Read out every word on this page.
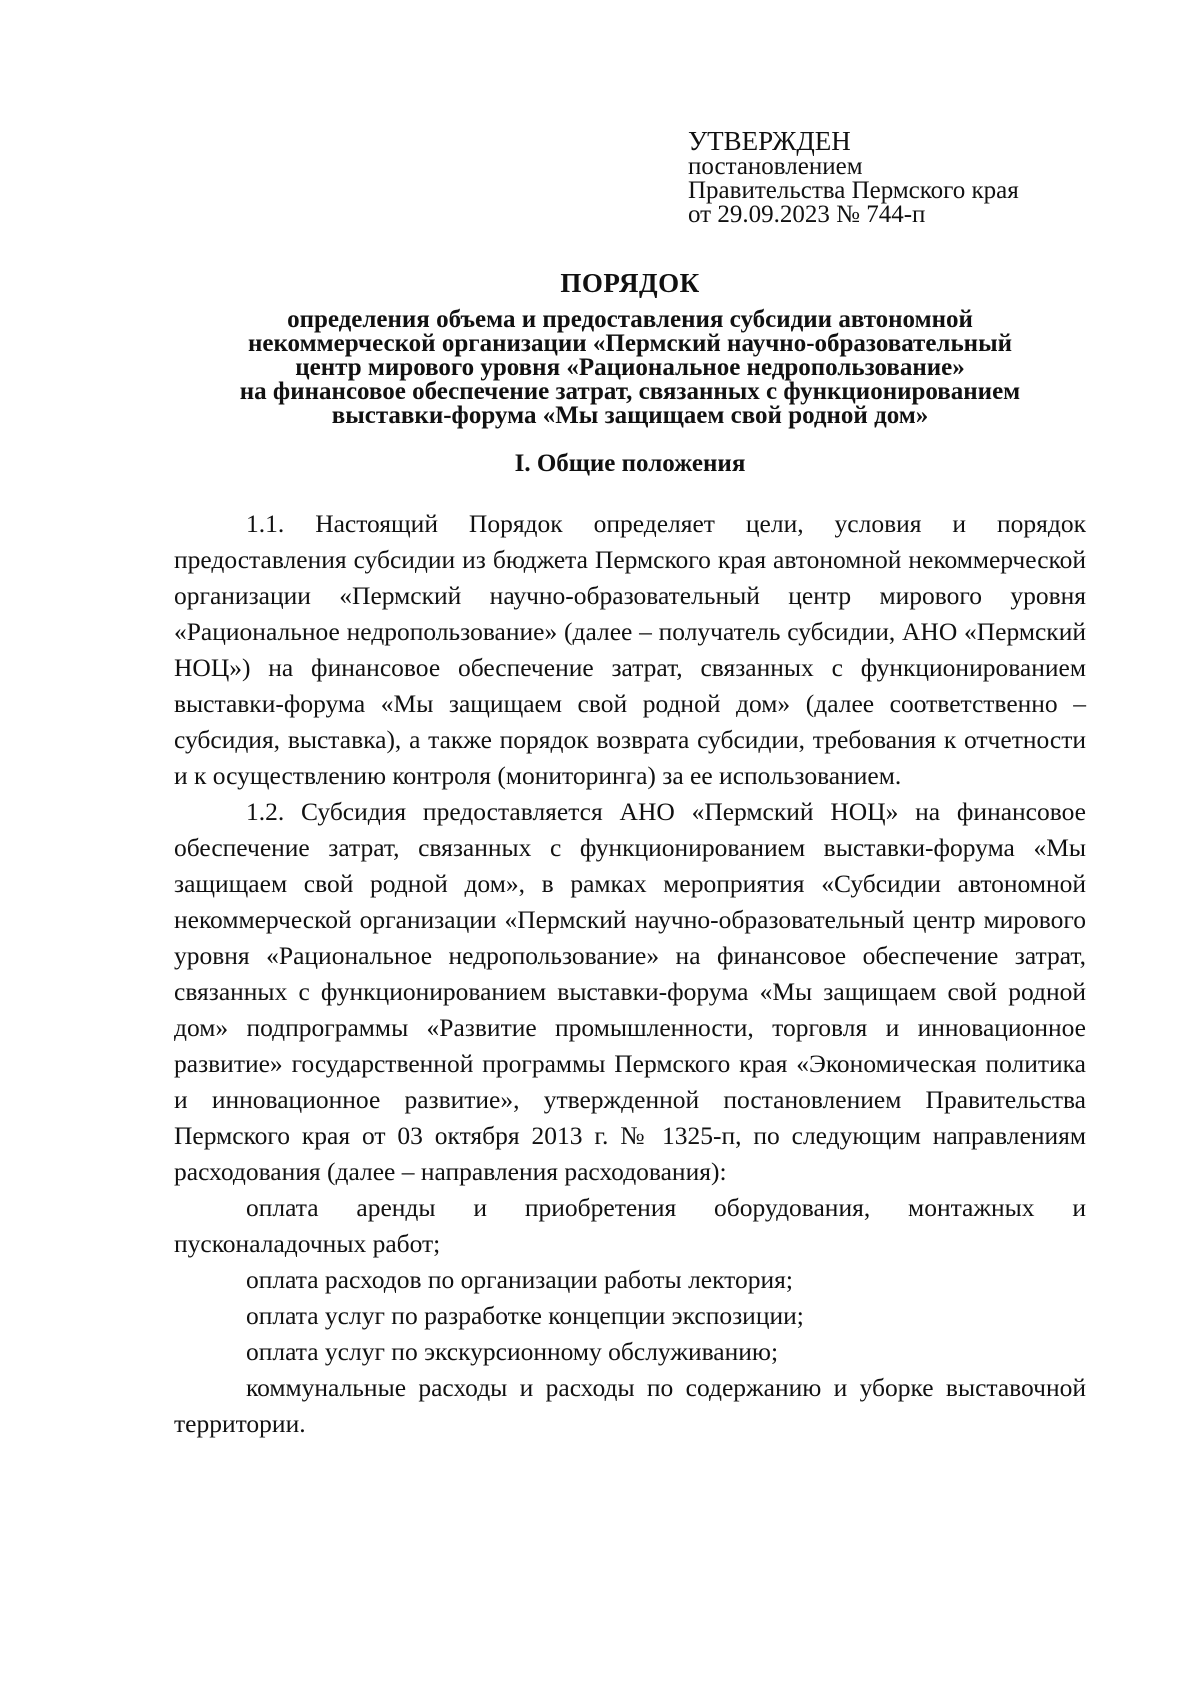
УТВЕРЖДЕН
постановлением
Правительства Пермского края
от 29.09.2023 № 744-п
ПОРЯДОК
определения объема и предоставления субсидии автономной
некоммерческой организации «Пермский научно-образовательный
центр мирового уровня «Рациональное недропользование»
на финансовое обеспечение затрат, связанных с функционированием
выставки-форума «Мы защищаем свой родной дом»
I. Общие положения

1.1. Настоящий Порядок определяет цели, условия и порядок предоставления субсидии из бюджета Пермского края автономной некоммерческой организации «Пермский научно-образовательный центр мирового уровня «Рациональное недропользование» (далее – получатель субсидии, АНО «Пермский НОЦ») на финансовое обеспечение затрат, связанных с функционированием выставки-форума «Мы защищаем свой родной дом» (далее соответственно – субсидия, выставка), а также порядок возврата субсидии, требования к отчетности и к осуществлению контроля (мониторинга) за ее использованием.

1.2. Субсидия предоставляется АНО «Пермский НОЦ» на финансовое обеспечение затрат, связанных с функционированием выставки-форума «Мы защищаем свой родной дом», в рамках мероприятия «Субсидии автономной некоммерческой организации «Пермский научно-образовательный центр мирового уровня «Рациональное недропользование» на финансовое обеспечение затрат, связанных с функционированием выставки-форума «Мы защищаем свой родной дом» подпрограммы «Развитие промышленности, торговля и инновационное развитие» государственной программы Пермского края «Экономическая политика и инновационное развитие», утвержденной постановлением Правительства Пермского края от 03 октября 2013 г. № 1325-п, по следующим направлениям расходования (далее – направления расходования):

оплата аренды и приобретения оборудования, монтажных и пусконаладочных работ;

оплата расходов по организации работы лектория;

оплата услуг по разработке концепции экспозиции;

оплата услуг по экскурсионному обслуживанию;

коммунальные расходы и расходы по содержанию и уборке выставочной территории.
